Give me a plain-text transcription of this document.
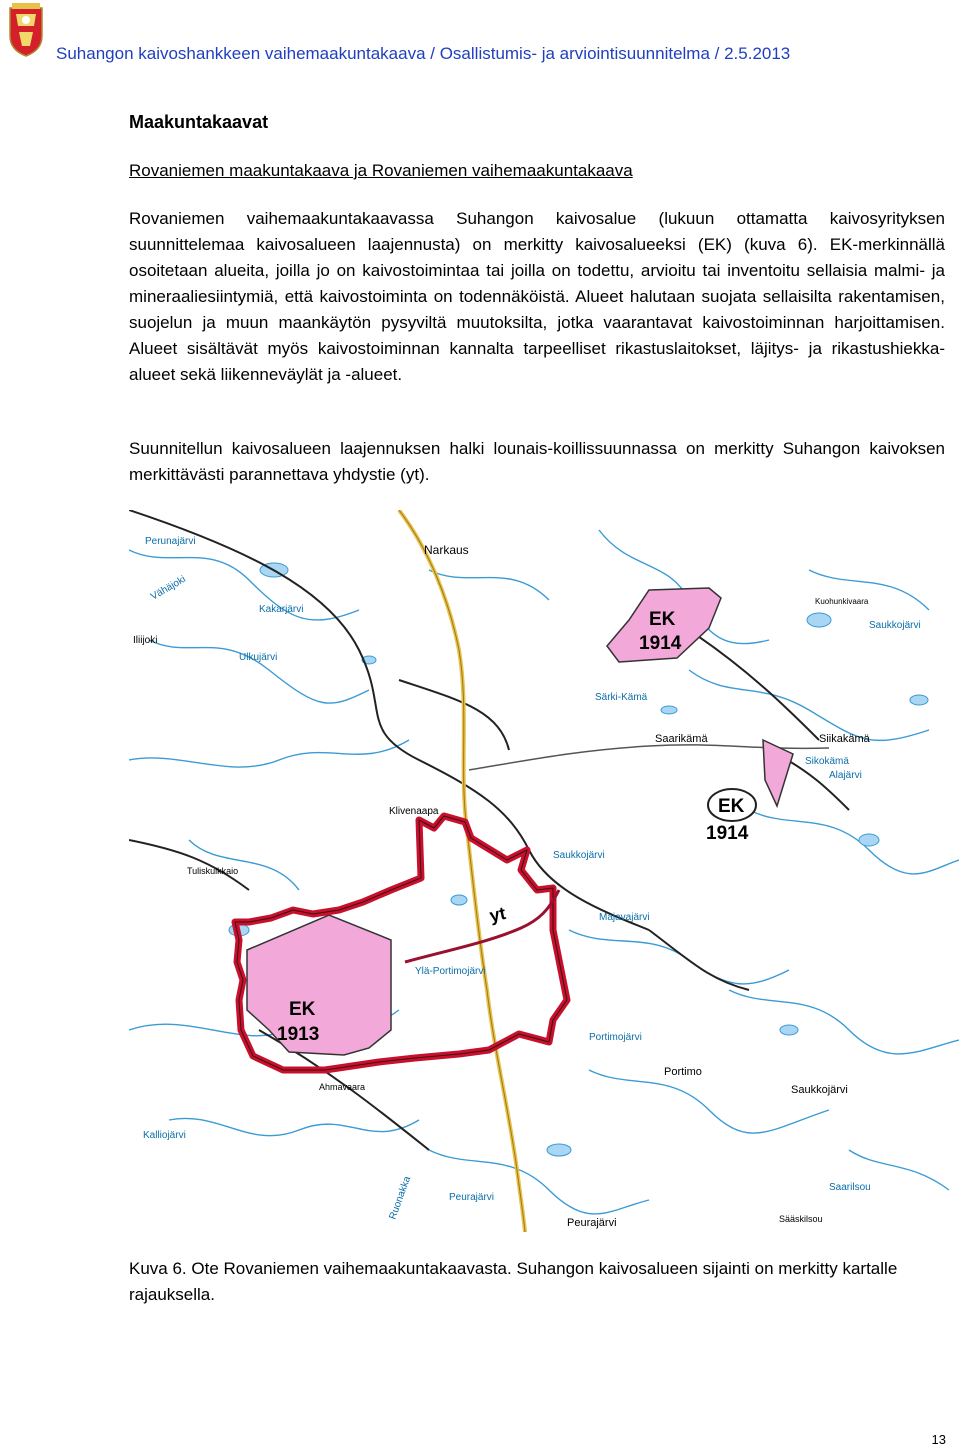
Suhangon kaivoshankkeen vaihemaakuntakaava / Osallistumis- ja arviointisuunnitelma / 2.5.2013
Maakuntakaavat
Rovaniemen maakuntakaava ja Rovaniemen vaihemaakuntakaava

Rovaniemen vaihemaakuntakaavassa Suhangon kaivosalue (lukuun ottamatta kaivosyrityksen suunnittelemaa kaivosalueen laajennusta) on merkitty kaivosalueeksi (EK) (kuva 6). EK-merkinnällä osoitetaan alueita, joilla jo on kaivostoimintaa tai joilla on todettu, arvioitu tai inventoitu sellaisia malmi- ja mineraaliesiintymiä, että kaivostoiminta on todennäköistä. Alueet halutaan suojata sellaisilta rakentamisen, suojelun ja muun maankäytön pysyviltä muutoksilta, jotka vaarantavat kaivostoiminnan harjoittamisen. Alueet sisältävät myös kaivostoiminnan kannalta tarpeelliset rikastuslaitokset, läjitys- ja rikastushiekka-alueet sekä liikenneväylät ja -alueet.

Suunnitellun kaivosalueen laajennuksen halki lounais-koillissuunnassa on merkitty Suhangon kaivoksen merkittävästi parannettava yhdystie (yt).

EK
1914
EK
1914
yt
EK
1913
Narkaus
Saarikämä	Siikakämä
Portimo
Saukkojärvi
Peurajärvi	Sääskilsou
Klivenaapa
Tuliskulkkaio
Ahmavaara
Kuohunkivaara
Perunajärvi
Vähäjoki
Kakarjärvi
Iliijoki
Ulkujärvi
Särki-Kämä
Saukkojärvi
Majavajärvi
Portimojärvi
Kalliojärvi
Peurajärvi
Saarilsou
Sikokämä
Alajärvi
Ylä-Portimojärvi
Saukkojärvi
Ruonakka

Kuva 6. Ote Rovaniemen vaihemaakuntakaavasta. Suhangon kaivosalueen sijainti on merkitty kartalle rajauksella.

13
